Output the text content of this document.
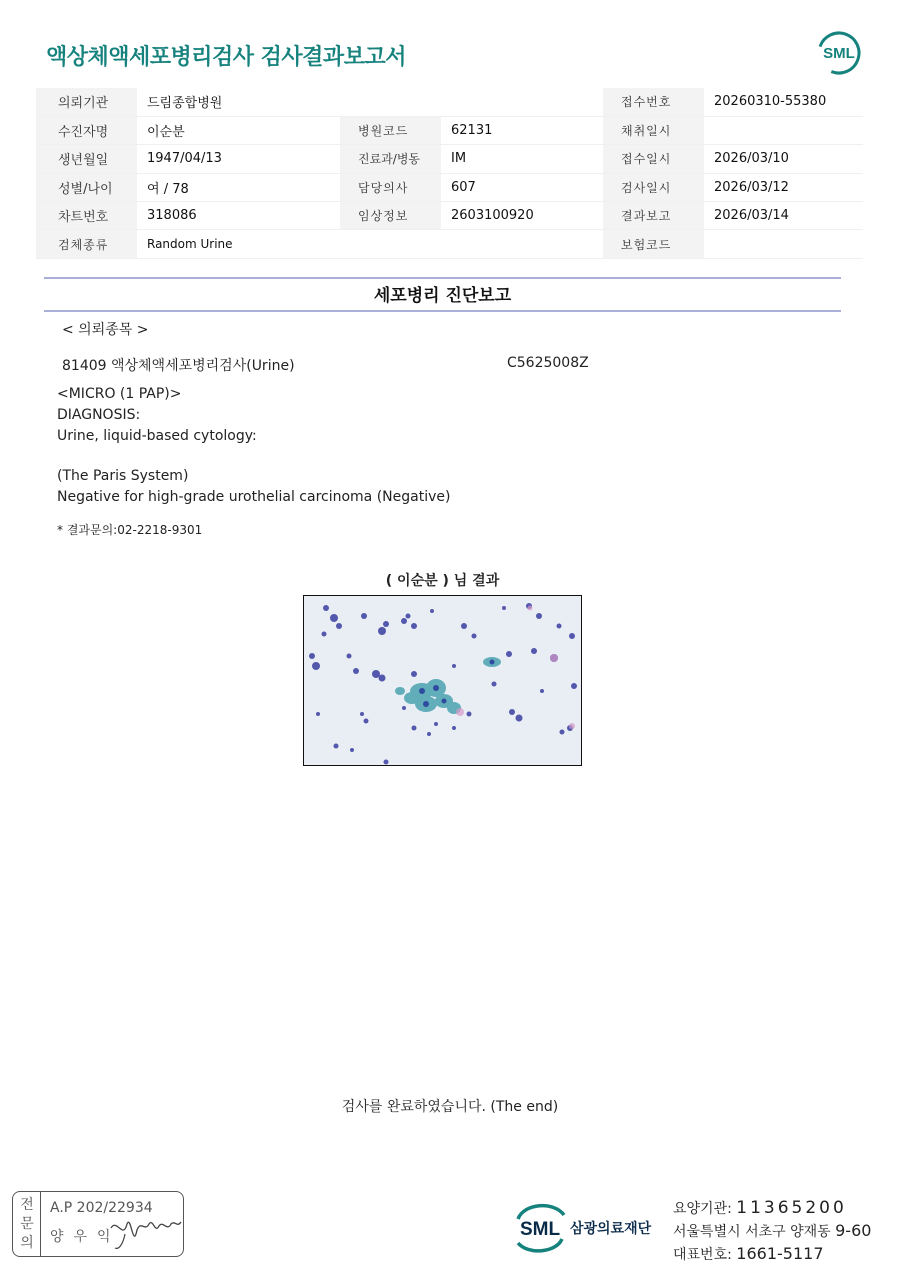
액상체액세포병리검사 검사결과보고서	SML
의뢰기관	드림종합병원			접수번호	20260310-55380
수진자명	이순분	병원코드	62131	채취일시	
생년월일	1947/04/13	진료과/병동	IM	접수일시	2026/03/10
성별/나이	여 / 78	담당의사	607	검사일시	2026/03/12
차트번호	318086	임상정보	2603100920	결과보고	2026/03/14
검체종류	Random Urine			보험코드	
세포병리 진단보고
< 의뢰종목 >
81409 액상체액세포병리검사(Urine)	C5625008Z
<MICRO (1 PAP)>
DIAGNOSIS:
Urine, liquid-based cytology:
(The Paris System)
Negative for high-grade urothelial carcinoma (Negative)
* 결과문의:02-2218-9301
( 이순분 ) 님 결과
검사를 완료하였습니다. (The end)
전문의
A.P 202/22934
양우익	SML 삼광의료재단
요양기관: 11365200
서울특별시 서초구 양재동 9-60
대표번호: 1661-5117
